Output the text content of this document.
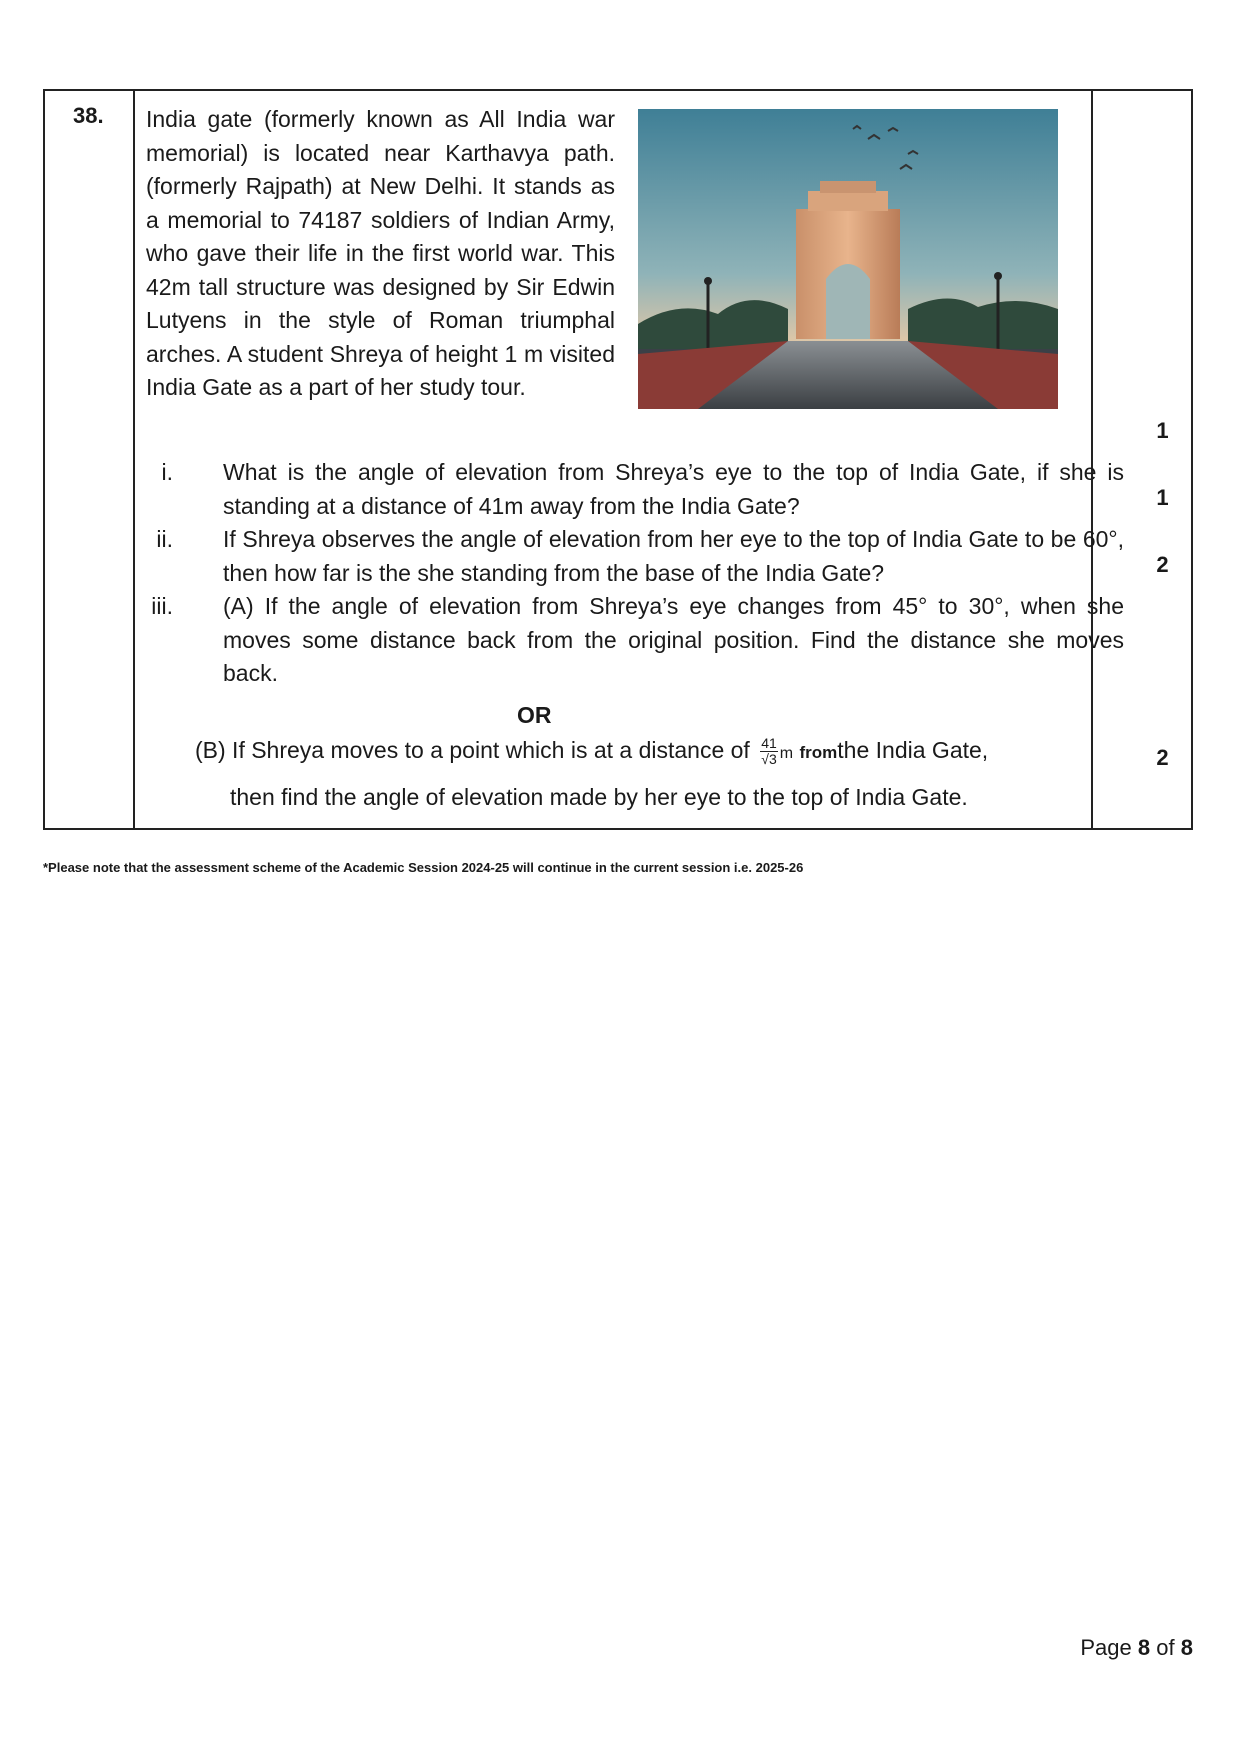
38. India gate (formerly known as All India war memorial) is located near Karthavya path. (formerly Rajpath) at New Delhi. It stands as a memorial to 74187 soldiers of Indian Army, who gave their life in the first world war. This 42m tall structure was designed by Sir Edwin Lutyens in the style of Roman triumphal arches. A student Shreya of height 1 m visited India Gate as a part of her study tour.
i. What is the angle of elevation from Shreya’s eye to the top of India Gate, if she is standing at a distance of 41m away from the India Gate?
1
ii. If Shreya observes the angle of elevation from her eye to the top of India Gate to be 60°, then how far is the she standing from the base of the India Gate?
1
iii. (A) If the angle of elevation from Shreya’s eye changes from 45° to 30°, when she moves some distance back from the original position. Find the distance she moves back.
2
OR
(B) If Shreya moves to a point which is at a distance of $\frac{41}{√3}$ m fromthe India Gate,
then find the angle of elevation made by her eye to the top of India Gate.
2
*Please note that the assessment scheme of the Academic Session 2024-25 will continue in the current session i.e. 2025-26
Page 8 of 8
